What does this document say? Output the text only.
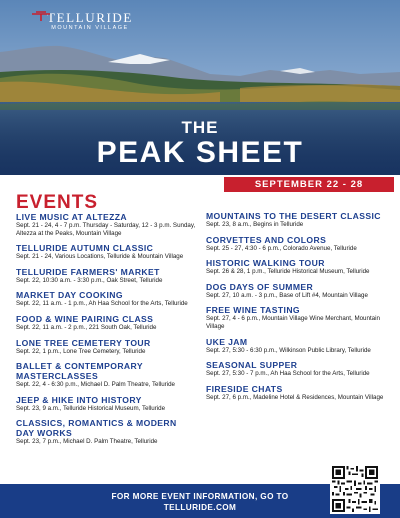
TELLURIDE
MOUNTAIN VILLAGE
THE
PEAK SHEET
SEPTEMBER 22 - 28
EVENTS
LIVE MUSIC AT ALTEZZA
Sept. 21 - 24, 4 - 7 p.m. Thursday - Saturday, 12 - 3 p.m. Sunday, Altezza at the Peaks, Mountain Village
TELLURIDE AUTUMN CLASSIC
Sept. 21 - 24, Various Locations, Telluride & Mountain Village
TELLURIDE FARMERS' MARKET
Sept. 22, 10:30 a.m. - 3:30 p.m., Oak Street, Telluride
MARKET DAY COOKING
Sept. 22, 11 a.m. - 1 p.m., Ah Haa School for the Arts, Telluride
FOOD & WINE PAIRING CLASS
Sept. 22, 11 a.m. - 2 p.m., 221 South Oak, Telluride
LONE TREE CEMETERY TOUR
Sept. 22, 1 p.m., Lone Tree Cemetery, Telluride
BALLET & CONTEMPORARY MASTERCLASSES
Sept. 22, 4 - 6:30 p.m., Michael D. Palm Theatre, Telluride
JEEP & HIKE INTO HISTORY
Sept. 23, 9 a.m., Telluride Historical Museum, Telluride
CLASSICS, ROMANTICS & MODERN DAY WORKS
Sept. 23, 7 p.m., Michael D. Palm Theatre, Telluride
MOUNTAINS TO THE DESERT CLASSIC
Sept. 23, 8 a.m., Begins in Telluride
CORVETTES AND COLORS
Sept. 25 - 27, 4:30 - 6 p.m., Colorado Avenue, Telluride
HISTORIC WALKING TOUR
Sept. 26 & 28, 1 p.m., Telluride Historical Museum, Telluride
DOG DAYS OF SUMMER
Sept. 27, 10 a.m. - 3 p.m., Base of Lift #4, Mountain Village
FREE WINE TASTING
Sept. 27, 4 - 6 p.m., Mountain Village Wine Merchant, Mountain Village
UKE JAM
Sept. 27, 5:30 - 6:30 p.m., Wilkinson Public Library, Telluride
SEASONAL SUPPER
Sept. 27, 5:30 - 7 p.m., Ah Haa School for the Arts, Telluride
FIRESIDE CHATS
Sept. 27, 6 p.m., Madeline Hotel & Residences, Mountain Village
FOR MORE EVENT INFORMATION, GO TO
TELLURIDE.COM
